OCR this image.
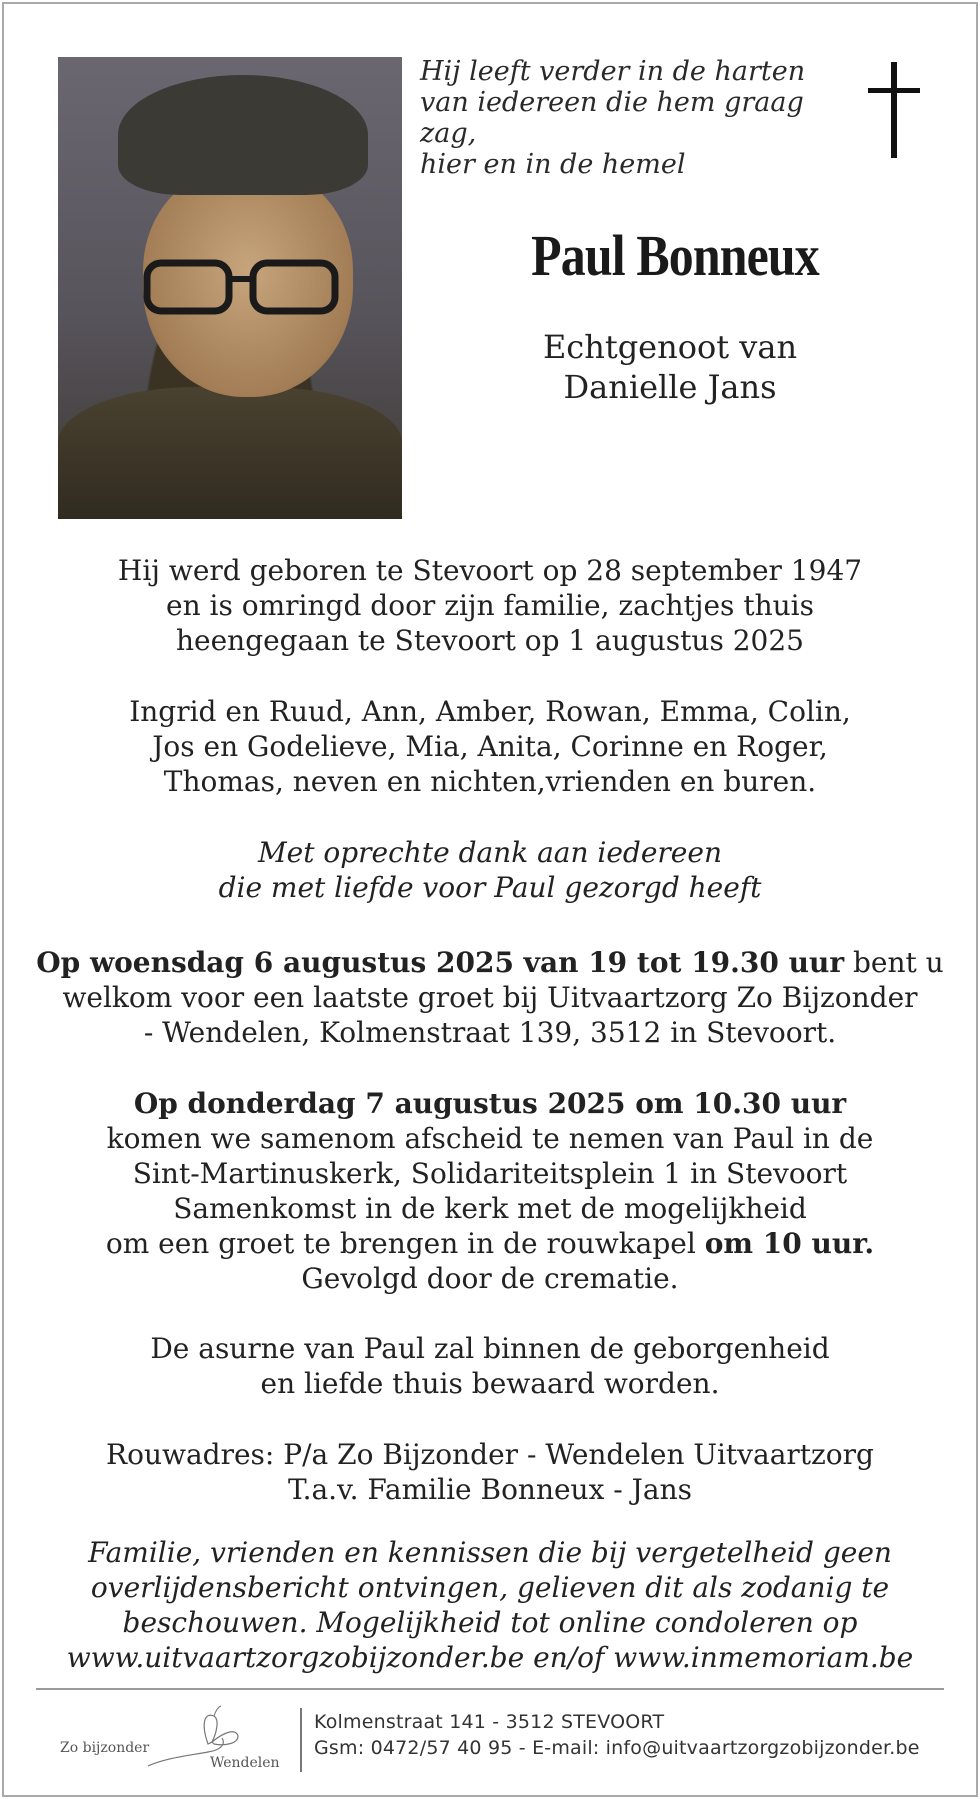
Hij leeft verder in de harten
van iedereen die hem graag zag,
hier en in de hemel
Paul Bonneux
Echtgenoot van
Danielle Jans
Hij werd geboren te Stevoort op 28 september 1947
en is omringd door zijn familie, zachtjes thuis
heengegaan te Stevoort op 1 augustus 2025
Ingrid en Ruud, Ann, Amber, Rowan, Emma, Colin,
Jos en Godelieve, Mia, Anita, Corinne en Roger,
Thomas, neven en nichten,vrienden en buren.
Met oprechte dank aan iedereen
die met liefde voor Paul gezorgd heeft
Op woensdag 6 augustus 2025 van 19 tot 19.30 uur bent u
welkom voor een laatste groet bij Uitvaartzorg Zo Bijzonder
- Wendelen, Kolmenstraat 139, 3512 in Stevoort.
Op donderdag 7 augustus 2025 om 10.30 uur
komen we samenom afscheid te nemen van Paul in de
Sint-Martinuskerk, Solidariteitsplein 1 in Stevoort
Samenkomst in de kerk met de mogelijkheid
om een groet te brengen in de rouwkapel om 10 uur.
Gevolgd door de crematie.
De asurne van Paul zal binnen de geborgenheid
en liefde thuis bewaard worden.
Rouwadres: P/a Zo Bijzonder - Wendelen Uitvaartzorg
T.a.v. Familie Bonneux - Jans
Familie, vrienden en kennissen die bij vergetelheid geen
overlijdensbericht ontvingen, gelieven dit als zodanig te
beschouwen. Mogelijkheid tot online condoleren op
www.uitvaartzorgzobijzonder.be en/of www.inmemoriam.be
Zo bijzonder
Wendelen
Kolmenstraat 141 - 3512 STEVOORT
Gsm: 0472/57 40 95 - E-mail: info@uitvaartzorgzobijzonder.be
